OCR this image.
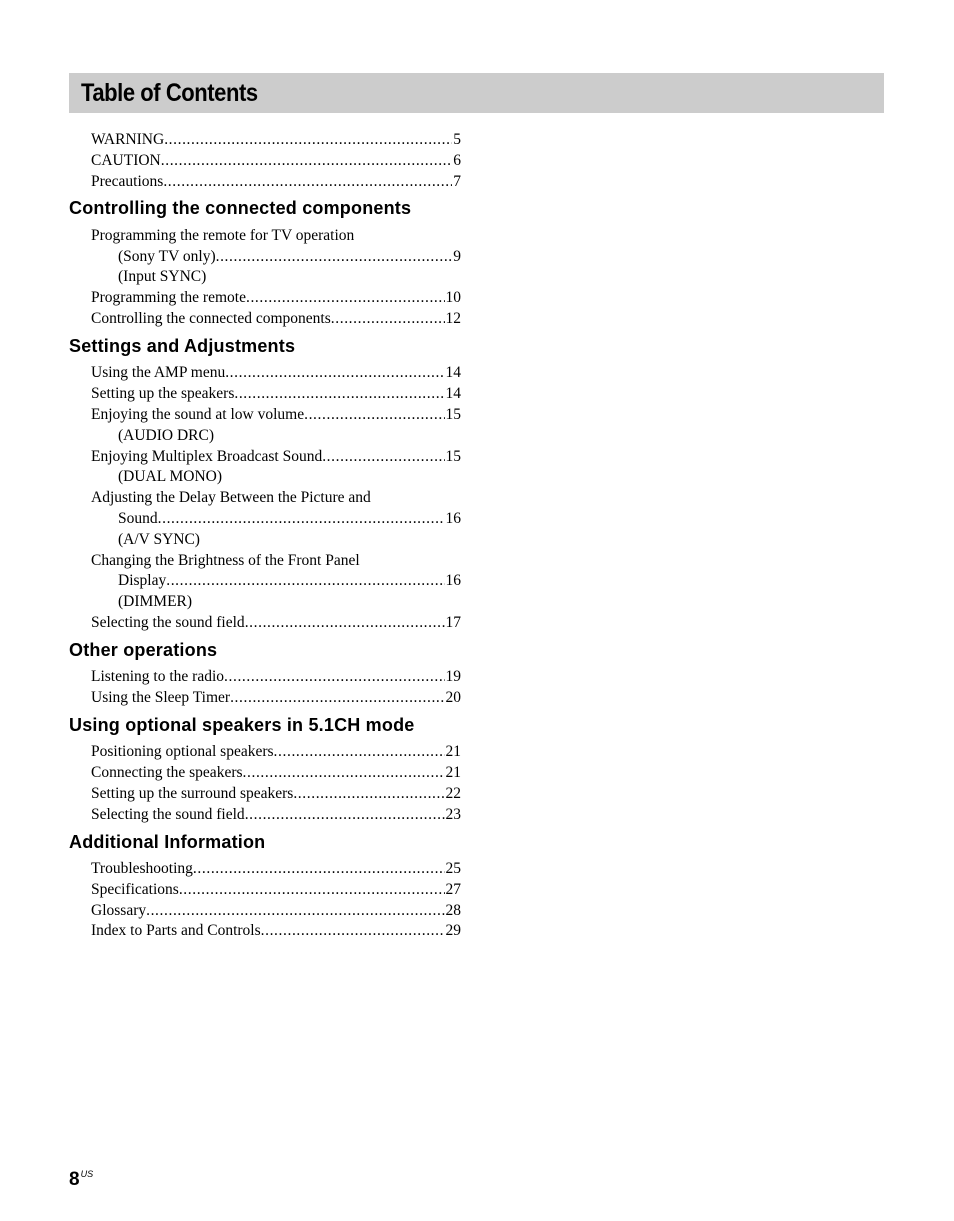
Table of Contents
WARNING .....	5
CAUTION .....	6
Precautions .....	7
Controlling the connected components
Programming the remote for TV operation
(Sony TV only) .....	9
(Input SYNC)
Programming the remote .....	10
Controlling the connected components .....	12
Settings and Adjustments
Using the AMP menu .....	14
Setting up the speakers .....	14
Enjoying the sound at low volume .....	15
(AUDIO DRC)
Enjoying Multiplex Broadcast Sound .....	15
(DUAL MONO)
Adjusting the Delay Between the Picture and
Sound .....	16
(A/V SYNC)
Changing the Brightness of the Front Panel
Display .....	16
(DIMMER)
Selecting the sound field .....	17
Other operations
Listening to the radio .....	19
Using the Sleep Timer .....	20
Using optional speakers in 5.1CH mode
Positioning optional speakers .....	21
Connecting the speakers .....	21
Setting up the surround speakers .....	22
Selecting the sound field .....	23
Additional Information
Troubleshooting .....	25
Specifications .....	27
Glossary .....	28
Index to Parts and Controls .....	29
$8^{US}$
